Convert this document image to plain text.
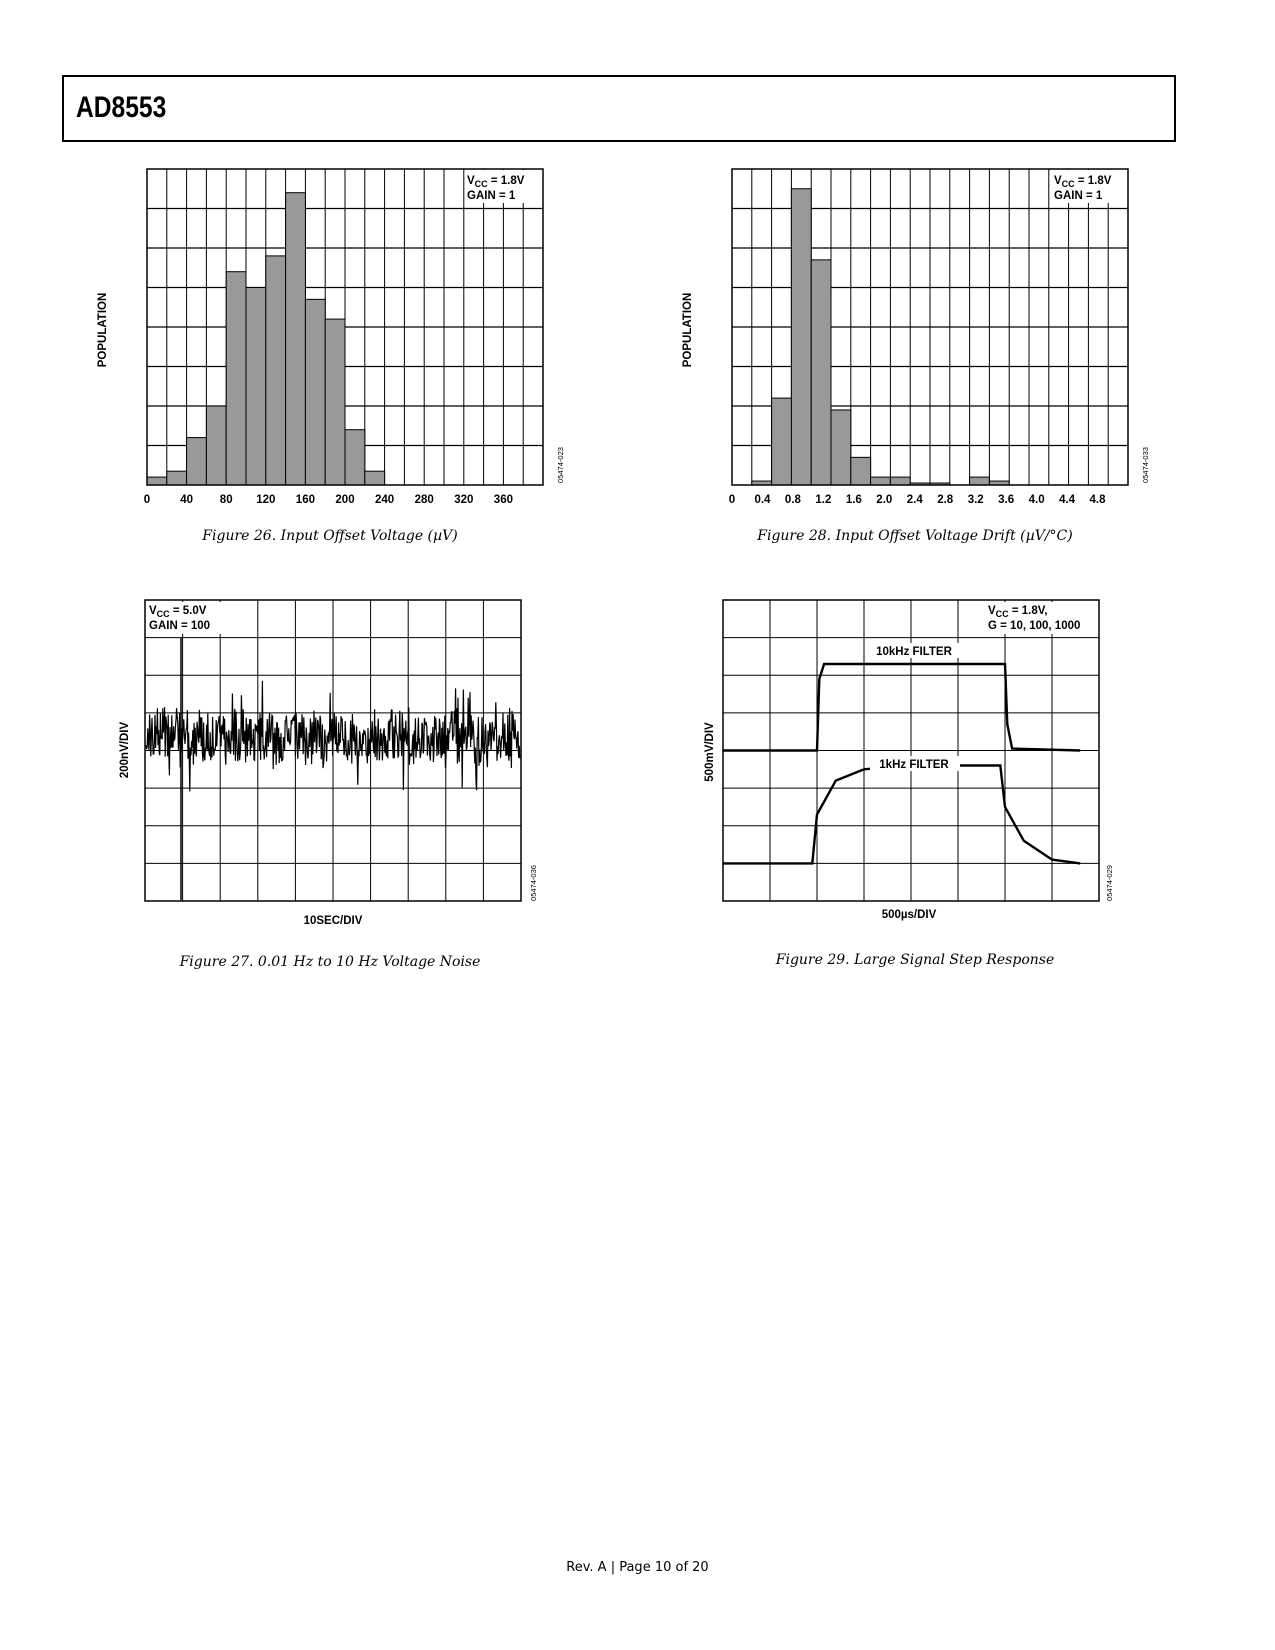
AD8553
0	40 80 120 160 200 240 280 320 360
POPULATION
05474-023
$V_{CC} = 1.8V$
GAIN = 1
Figure 26. Input Offset Voltage (µV)
0 0.4 0.8 1.2 1.6 2.0 2.4 2.8 3.2 3.6 4.0 4.4 4.8
POPULATION
05474-033
$V_{CC} = 1.8V$
GAIN = 1
Figure 28. Input Offset Voltage Drift (µV/°C)
$V_{CC} = 5.0V$
GAIN = 100
200nV/DIV
10SEC/DIV
05474-036
Figure 27. 0.01 Hz to 10 Hz Voltage Noise
$V_{CC} = 1.8V$,
G = 10, 100, 1000
10kHz FILTER
1kHz FILTER
500mV/DIV
500µs/DIV
05474-029
Figure 29. Large Signal Step Response
Rev. A | Page 10 of 20
